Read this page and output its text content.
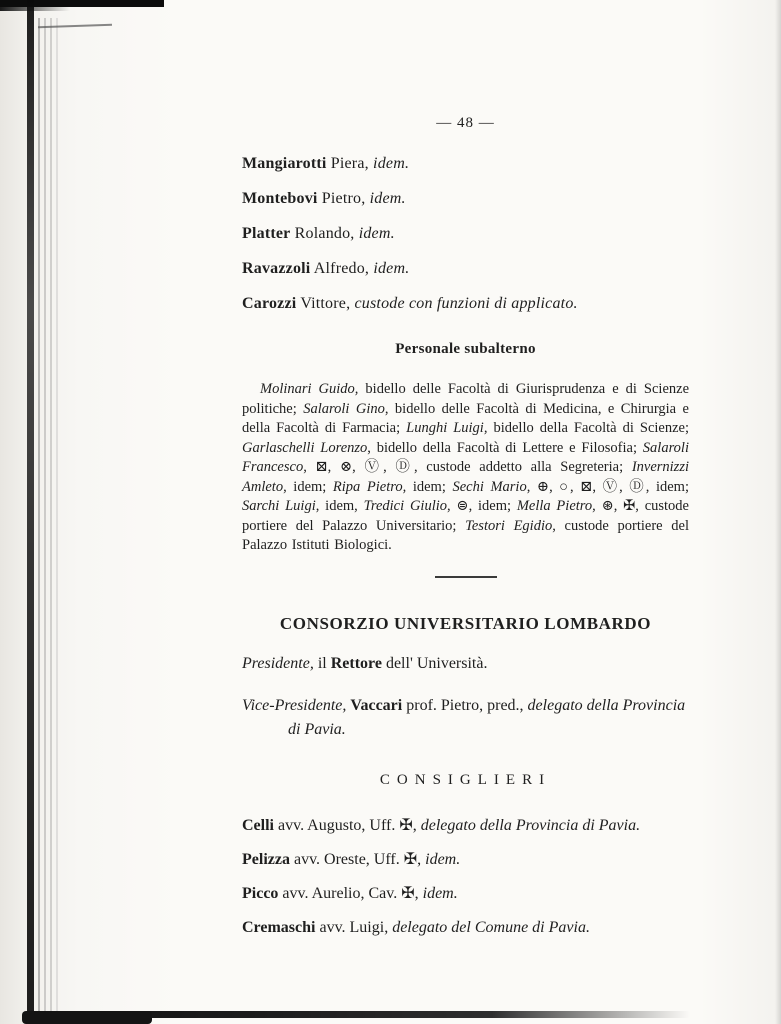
— 48 —
Mangiarotti Piera, idem.
Montebovi Pietro, idem.
Platter Rolando, idem.
Ravazzoli Alfredo, idem.
Carozzi Vittore, custode con funzioni di applicato.
Personale subalterno
Molinari Guido, bidello delle Facoltà di Giurisprudenza e di Scienze politiche; Salaroli Gino, bidello delle Facoltà di Medicina, e Chirurgia e della Facoltà di Farmacia; Lunghi Luigi, bidello della Facoltà di Scienze; Garlaschelli Lorenzo, bidello della Facoltà di Lettere e Filosofia; Salaroli Francesco, ⊠, ⊗, Ⓥ, Ⓓ, custode addetto alla Segreteria; Invernizzi Amleto, idem; Ripa Pietro, idem; Sechi Mario, ⊕, ○, ⊠, Ⓥ, Ⓓ, idem; Sarchi Luigi, idem, Tredici Giulio, ⊜, idem; Mella Pietro, ⊛, ✠, custode portiere del Palazzo Universitario; Testori Egidio, custode portiere del Palazzo Istituti Biologici.
CONSORZIO UNIVERSITARIO LOMBARDO
Presidente, il Rettore dell' Università.
Vice-Presidente, Vaccari prof. Pietro, pred., delegato della Provincia di Pavia.
CONSIGLIERI
Celli avv. Augusto, Uff. ✠, delegato della Provincia di Pavia.
Pelizza avv. Oreste, Uff. ✠, idem.
Picco avv. Aurelio, Cav. ✠, idem.
Cremaschi avv. Luigi, delegato del Comune di Pavia.
